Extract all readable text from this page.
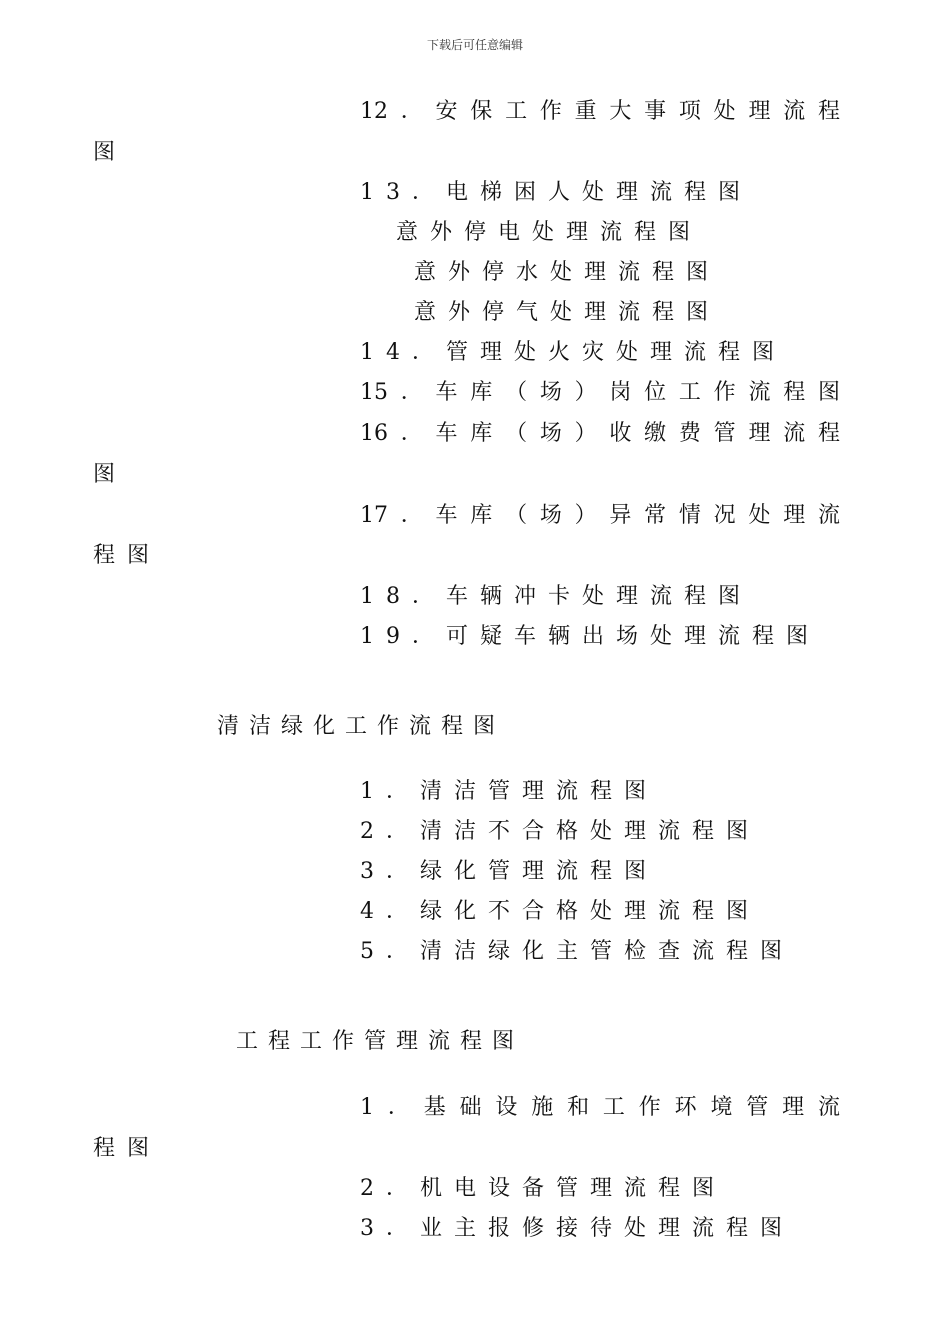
下载后可任意编辑
12．安保工作重大事项处理流程
图
13．电梯困人处理流程图
意外停电处理流程图
意外停水处理流程图
意外停气处理流程图
14．管理处火灾处理流程图
15．车库（场）岗位工作流程图
16．车库（场）收缴费管理流程
图
17．车库（场）异常情况处理流
程图
18．车辆冲卡处理流程图
19．可疑车辆出场处理流程图
清洁绿化工作流程图
1．清洁管理流程图
2．清洁不合格处理流程图
3．绿化管理流程图
4．绿化不合格处理流程图
5．清洁绿化主管检查流程图
工程工作管理流程图
1．基础设施和工作环境管理流
程图
2．机电设备管理流程图
3．业主报修接待处理流程图
